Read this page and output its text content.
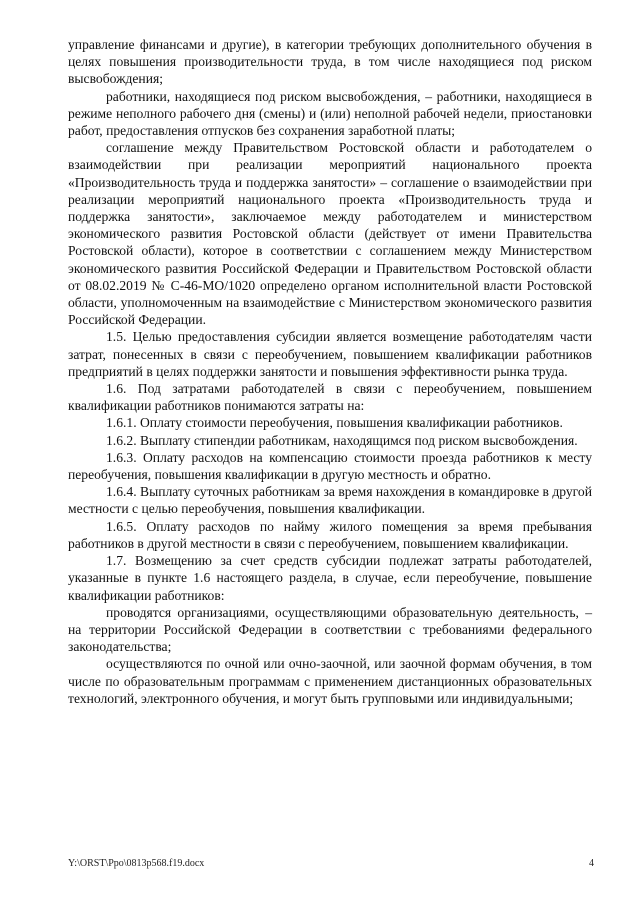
управление финансами и другие), в категории требующих дополнительного обучения в целях повышения производительности труда, в том числе находящиеся под риском высвобождения;

работники, находящиеся под риском высвобождения, – работники, находящиеся в режиме неполного рабочего дня (смены) и (или) неполной рабочей недели, приостановки работ, предоставления отпусков без сохранения заработной платы;

соглашение между Правительством Ростовской области и работодателем о взаимодействии при реализации мероприятий национального проекта «Производительность труда и поддержка занятости» – соглашение о взаимодействии при реализации мероприятий национального проекта «Производительность труда и поддержка занятости», заключаемое между работодателем и министерством экономического развития Ростовской области (действует от имени Правительства Ростовской области), которое в соответствии с соглашением между Министерством экономического развития Российской Федерации и Правительством Ростовской области от 08.02.2019 № С-46-МО/1020 определено органом исполнительной власти Ростовской области, уполномоченным на взаимодействие с Министерством экономического развития Российской Федерации.

1.5. Целью предоставления субсидии является возмещение работодателям части затрат, понесенных в связи с переобучением, повышением квалификации работников предприятий в целях поддержки занятости и повышения эффективности рынка труда.

1.6. Под затратами работодателей в связи с переобучением, повышением квалификации работников понимаются затраты на:

1.6.1. Оплату стоимости переобучения, повышения квалификации работников.

1.6.2. Выплату стипендии работникам, находящимся под риском высвобождения.

1.6.3. Оплату расходов на компенсацию стоимости проезда работников к месту переобучения, повышения квалификации в другую местность и обратно.

1.6.4. Выплату суточных работникам за время нахождения в командировке в другой местности с целью переобучения, повышения квалификации.

1.6.5. Оплату расходов по найму жилого помещения за время пребывания работников в другой местности в связи с переобучением, повышением квалификации.

1.7. Возмещению за счет средств субсидии подлежат затраты работодателей, указанные в пункте 1.6 настоящего раздела, в случае, если переобучение, повышение квалификации работников:

проводятся организациями, осуществляющими образовательную деятельность, – на территории Российской Федерации в соответствии с требованиями федерального законодательства;

осуществляются по очной или очно-заочной, или заочной формам обучения, в том числе по образовательным программам с применением дистанционных образовательных технологий, электронного обучения, и могут быть групповыми или индивидуальными;

Y:\ORST\Ppo\0813p568.f19.docx	4
